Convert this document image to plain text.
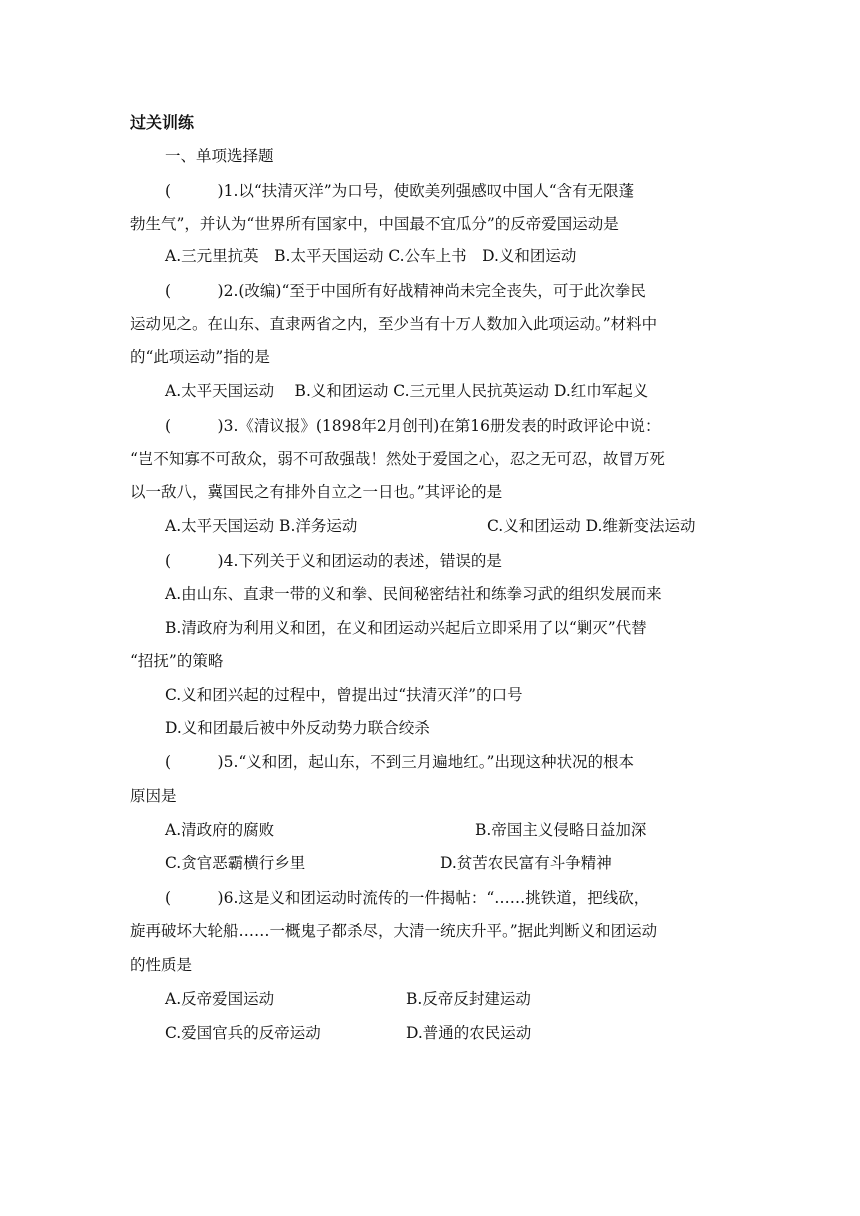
过关训练
一、单项选择题
(　　　)1.以“扶清灭洋”为口号，使欧美列强感叹中国人“含有无限蓬
勃生气”，并认为“世界所有国家中，中国最不宜瓜分”的反帝爱国运动是
A.三元里抗英　B.太平天国运动 C.公车上书　D.义和团运动
(　　　)2.(改编)“至于中国所有好战精神尚未完全丧失，可于此次拳民
运动见之。在山东、直隶两省之内，至少当有十万人数加入此项运动。”材料中
的“此项运动”指的是
A.太平天国运动　 B.义和团运动 C.三元里人民抗英运动 D.红巾军起义
(　　　)3.《清议报》(1898年2月创刊)在第16册发表的时政评论中说：
“岂不知寡不可敌众，弱不可敌强哉！然处于爱国之心，忍之无可忍，故冒万死
以一敌八，冀国民之有排外自立之一日也。”其评论的是
A.太平天国运动 B.洋务运动	C.义和团运动 D.维新变法运动
(　　　)4.下列关于义和团运动的表述，错误的是
A.由山东、直隶一带的义和拳、民间秘密结社和练拳习武的组织发展而来
B.清政府为利用义和团，在义和团运动兴起后立即采用了以“剿灭”代替
“招抚”的策略
C.义和团兴起的过程中，曾提出过“扶清灭洋”的口号
D.义和团最后被中外反动势力联合绞杀
(　　　)5.“义和团，起山东，不到三月遍地红。”出现这种状况的根本
原因是
A.清政府的腐败	B.帝国主义侵略日益加深
C.贪官恶霸横行乡里	D.贫苦农民富有斗争精神
(　　　)6.这是义和团运动时流传的一件揭帖：“……挑铁道，把线砍，
旋再破坏大轮船……一概鬼子都杀尽，大清一统庆升平。”据此判断义和团运动
的性质是
A.反帝爱国运动	B.反帝反封建运动
C.爱国官兵的反帝运动	D.普通的农民运动
